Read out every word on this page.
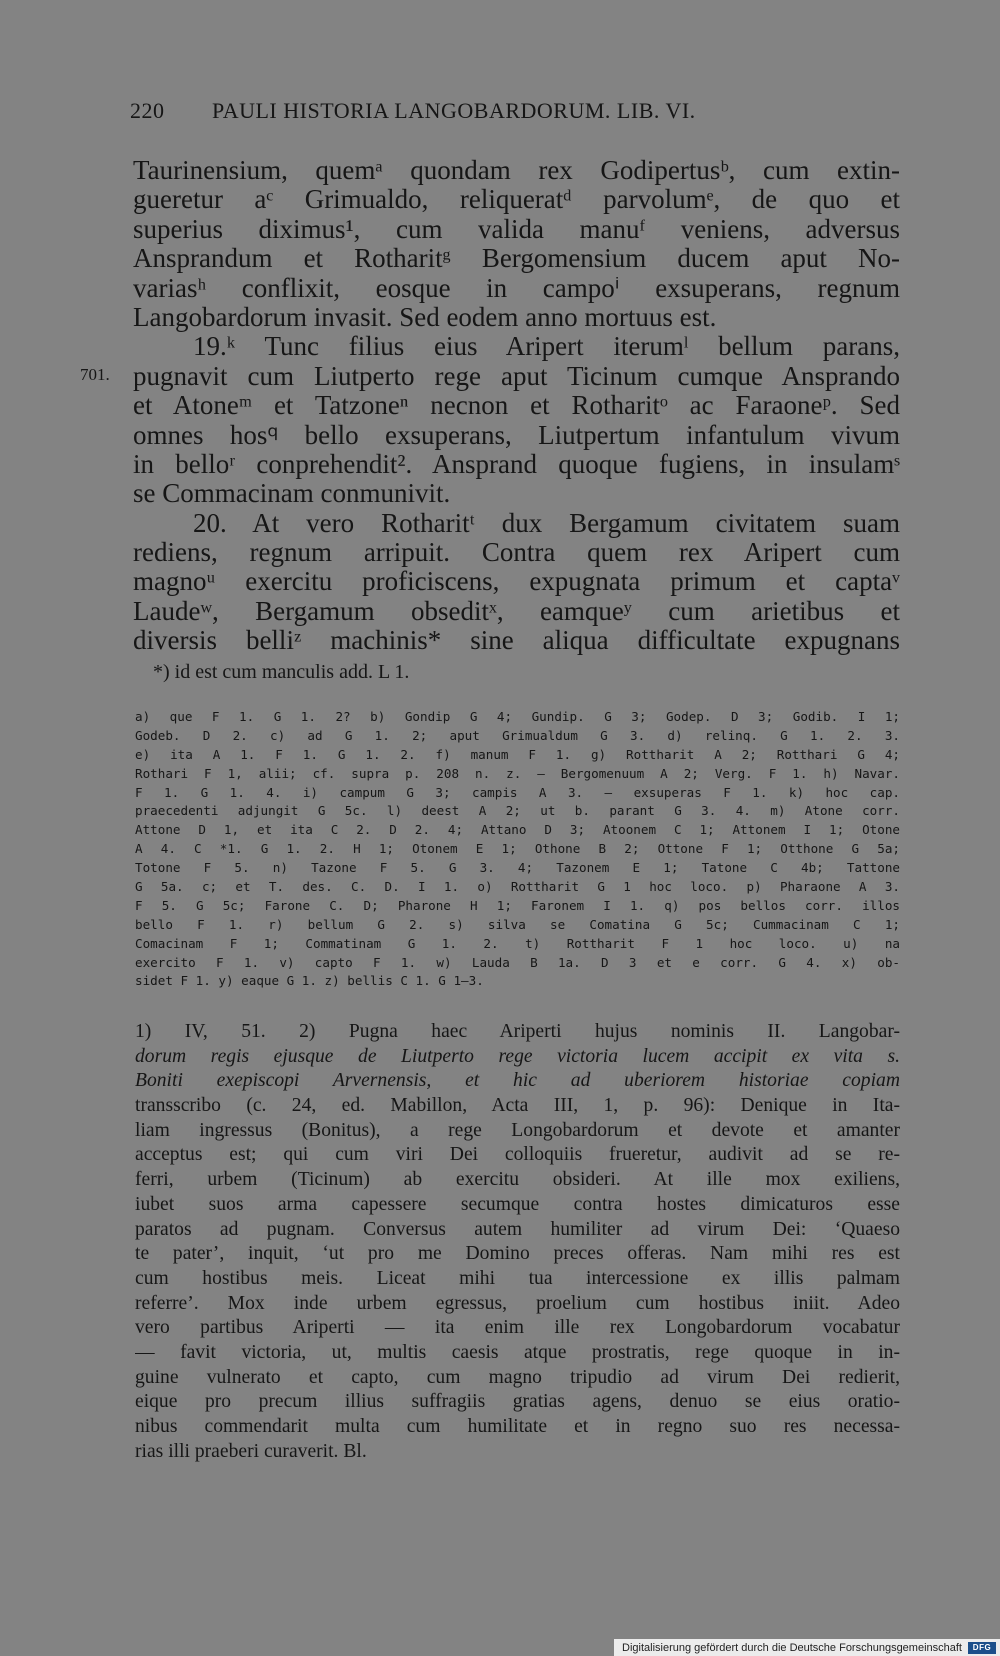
220 PAULI HISTORIA LANGOBARDORUM. LIB. VI.
701.
Taurinensium, quemᵃ quondam rex Godipertusᵇ, cum extin-
gueretur aᶜ Grimualdo, reliqueratᵈ parvolumᵉ, de quo et
superius diximus¹, cum valida manuᶠ veniens, adversus
Ansprandum et Rotharitᵍ Bergomensium ducem aput No-
variasʰ conflixit, eosque in campoⁱ exsuperans, regnum
Langobardorum invasit. Sed eodem anno mortuus est.
19.ᵏ Tunc filius eius Aripert iterumˡ bellum parans,
pugnavit cum Liutperto rege aput Ticinum cumque Ansprando
et Atoneᵐ et Tatzoneⁿ necnon et Rotharitᵒ ac Faraoneᵖ. Sed
omnes hos𐞥 bello exsuperans, Liutpertum infantulum vivum
in belloʳ conprehendit². Ansprand quoque fugiens, in insulamˢ
se Commacinam conmunivit.
20. At vero Rotharitᵗ dux Bergamum civitatem suam
rediens, regnum arripuit. Contra quem rex Aripert cum
magnoᵘ exercitu proficiscens, expugnata primum et captaᵛ
Laudeʷ, Bergamum obseditˣ, eamqueʸ cum arietibus et
diversis belliᶻ machinis* sine aliqua difficultate expugnans
*) id est cum manculis add. L 1.
a) que F 1. G 1. 2? b) Gondip G 4; Gundip. G 3; Godep. D 3; Godib. I 1;
Godeb. D 2. c) ad G 1. 2; aput Grimualdum G 3. d) relinq. G 1. 2. 3.
e) ita A 1. F 1. G 1. 2. f) manum F 1. g) Rottharit A 2; Rotthari G 4;
Rothari F 1, alii; cf. supra p. 208 n. z. — Bergomenuum A 2; Verg. F 1. h) Navar.
F 1. G 1. 4. i) campum G 3; campis A 3. — exsuperas F 1. k) hoc cap.
praecedenti adjungit G 5c. l) deest A 2; ut b. parant G 3. 4. m) Atone corr.
Attone D 1, et ita C 2. D 2. 4; Attano D 3; Atoonem C 1; Attonem I 1; Otone
A 4. C *1. G 1. 2. H 1; Otonem E 1; Othone B 2; Ottone F 1; Otthone G 5a;
Totone F 5. n) Tazone F 5. G 3. 4; Tazonem E 1; Tatone C 4b; Tattone
G 5a. c; et T. des. C. D. I 1. o) Rottharit G 1 hoc loco. p) Pharaone A 3.
F 5. G 5c; Farone C. D; Pharone H 1; Faronem I 1. q) pos bellos corr. illos
bello F 1. r) bellum G 2. s) silva se Comatina G 5c; Cummacinam C 1;
Comacinam F 1; Commatinam G 1. 2. t) Rottharit F 1 hoc loco. u) na
exercito F 1. v) capto F 1. w) Lauda B 1a. D 3 et e corr. G 4. x) ob-
sidet F 1. y) eaque G 1. z) bellis C 1. G 1—3.
1) IV, 51. 2) Pugna haec Ariperti hujus nominis II. Langobar-
dorum regis ejusque de Liutperto rege victoria lucem accipit ex vita s.
Boniti exepiscopi Arvernensis, et hic ad uberiorem historiae copiam
transscribo (c. 24, ed. Mabillon, Acta III, 1, p. 96): Denique in Ita-
liam ingressus (Bonitus), a rege Longobardorum et devote et amanter
acceptus est; qui cum viri Dei colloquiis frueretur, audivit ad se re-
ferri, urbem (Ticinum) ab exercitu obsideri. At ille mox exiliens,
iubet suos arma capessere secumque contra hostes dimicaturos esse
paratos ad pugnam. Conversus autem humiliter ad virum Dei: ‘Quaeso
te pater’, inquit, ‘ut pro me Domino preces offeras. Nam mihi res est
cum hostibus meis. Liceat mihi tua intercessione ex illis palmam
referre’. Mox inde urbem egressus, proelium cum hostibus iniit. Adeo
vero partibus Ariperti — ita enim ille rex Longobardorum vocabatur
— favit victoria, ut, multis caesis atque prostratis, rege quoque in in-
guine vulnerato et capto, cum magno tripudio ad virum Dei redierit,
eique pro precum illius suffragiis gratias agens, denuo se eius oratio-
nibus commendarit multa cum humilitate et in regno suo res necessa-
rias illi praeberi curaverit. Bl.
Digitalisierung gefördert durch die Deutsche Forschungsgemeinschaft	DFG
